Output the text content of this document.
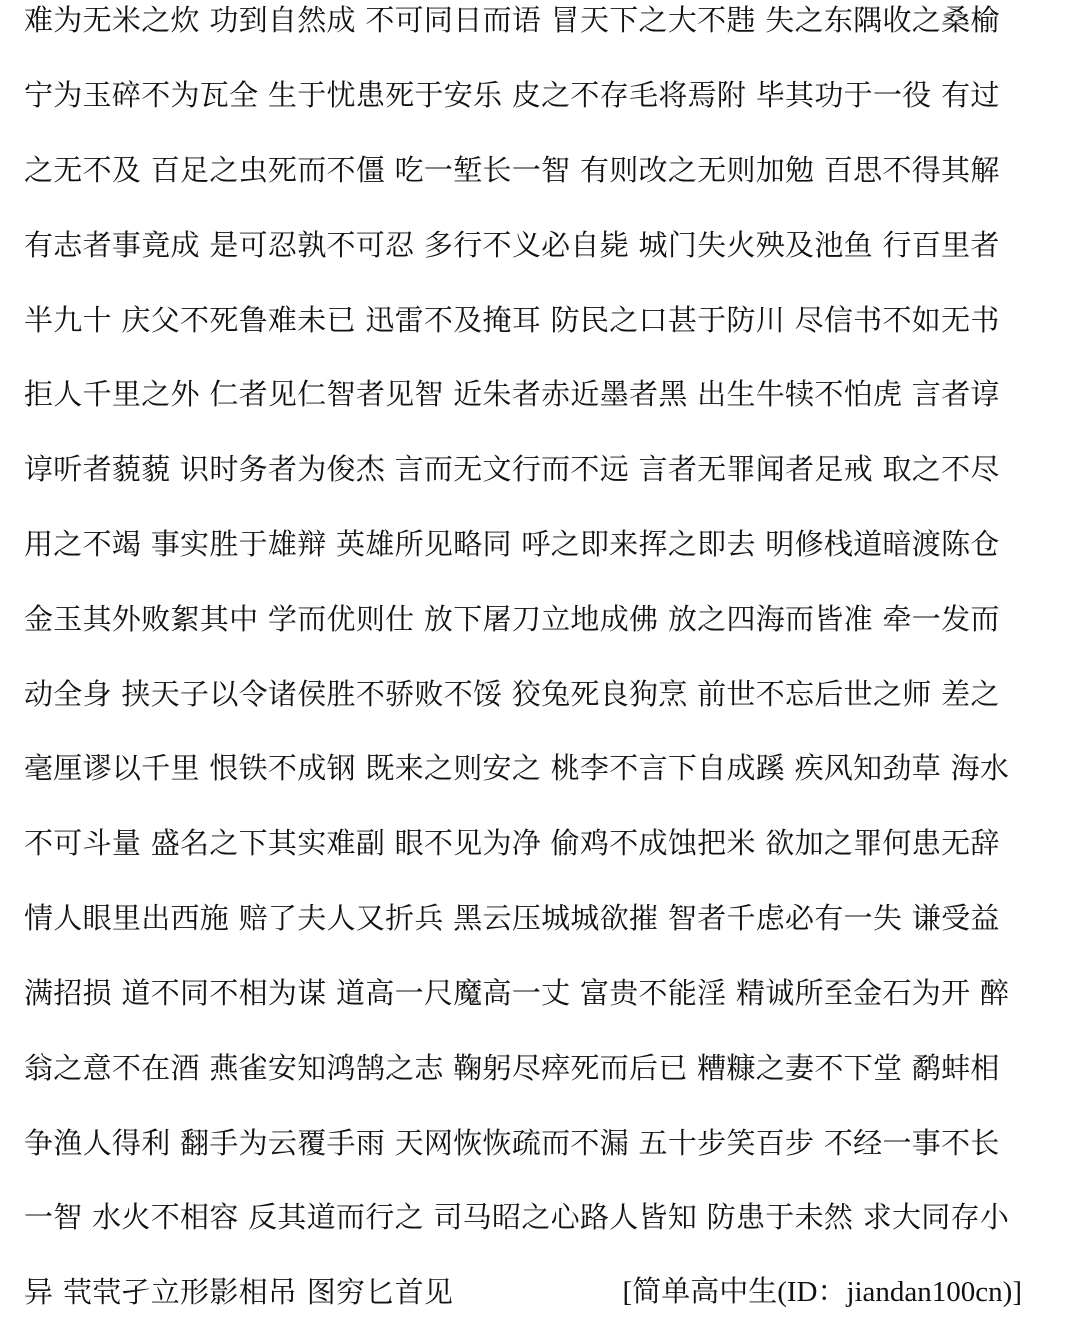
难为无米之炊 功到自然成 不可同日而语 冒天下之大不韪 失之东隅收之桑榆
宁为玉碎不为瓦全 生于忧患死于安乐 皮之不存毛将焉附 毕其功于一役 有过
之无不及 百足之虫死而不僵 吃一堑长一智 有则改之无则加勉 百思不得其解
有志者事竟成 是可忍孰不可忍 多行不义必自毙 城门失火殃及池鱼 行百里者
半九十 庆父不死鲁难未已 迅雷不及掩耳 防民之口甚于防川 尽信书不如无书
拒人千里之外 仁者见仁智者见智 近朱者赤近墨者黑 出生牛犊不怕虎 言者谆
谆听者藐藐 识时务者为俊杰 言而无文行而不远 言者无罪闻者足戒 取之不尽
用之不竭 事实胜于雄辩 英雄所见略同 呼之即来挥之即去 明修栈道暗渡陈仓
金玉其外败絮其中 学而优则仕 放下屠刀立地成佛 放之四海而皆准 牵一发而
动全身 挟天子以令诸侯胜不骄败不馁 狡兔死良狗烹 前世不忘后世之师 差之
毫厘谬以千里 恨铁不成钢 既来之则安之 桃李不言下自成蹊 疾风知劲草 海水
不可斗量 盛名之下其实难副 眼不见为净 偷鸡不成蚀把米 欲加之罪何患无辞
情人眼里出西施 赔了夫人又折兵 黑云压城城欲摧 智者千虑必有一失 谦受益
满招损 道不同不相为谋 道高一尺魔高一丈 富贵不能淫 精诚所至金石为开 醉
翁之意不在酒 燕雀安知鸿鹄之志 鞠躬尽瘁死而后已 糟糠之妻不下堂 鹬蚌相
争渔人得利 翻手为云覆手雨 天网恢恢疏而不漏 五十步笑百步 不经一事不长
一智 水火不相容 反其道而行之 司马昭之心路人皆知 防患于未然 求大同存小
异 茕茕孑立形影相吊 图穷匕首见	[简单高中生(ID：jiandan100cn)]
